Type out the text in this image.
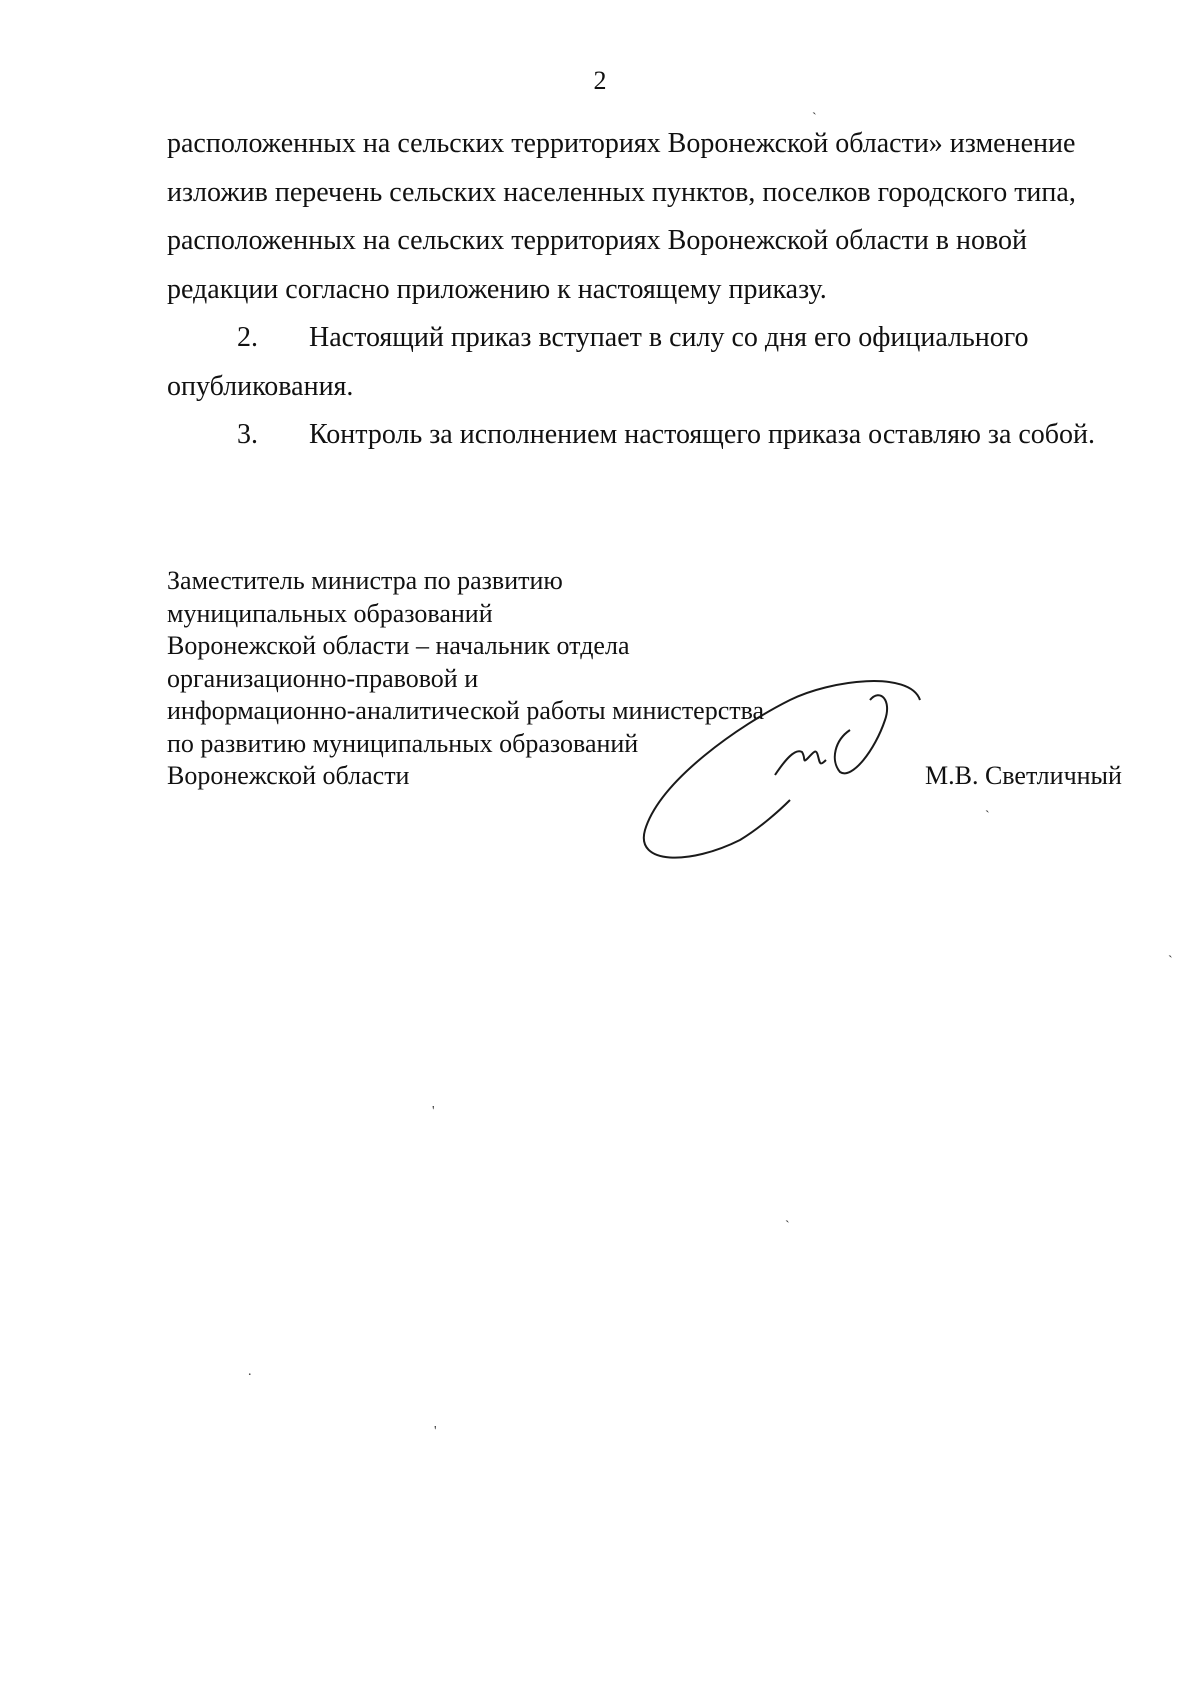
2

расположенных на сельских территориях Воронежской области» изменение

изложив перечень сельских населенных пунктов, поселков городского типа,

расположенных на сельских территориях Воронежской области в новой

редакции согласно приложению к настоящему приказу.

2. Настоящий приказ вступает в силу со дня его официального

опубликования.

3. Контроль за исполнением настоящего приказа оставляю за собой.

Заместитель министра по развитию
муниципальных образований
Воронежской области – начальник отдела
организационно-правовой и
информационно-аналитической работы министерства
по развитию муниципальных образований
Воронежской области	М.В. Светличный
`
`
`
'
`
.
'
